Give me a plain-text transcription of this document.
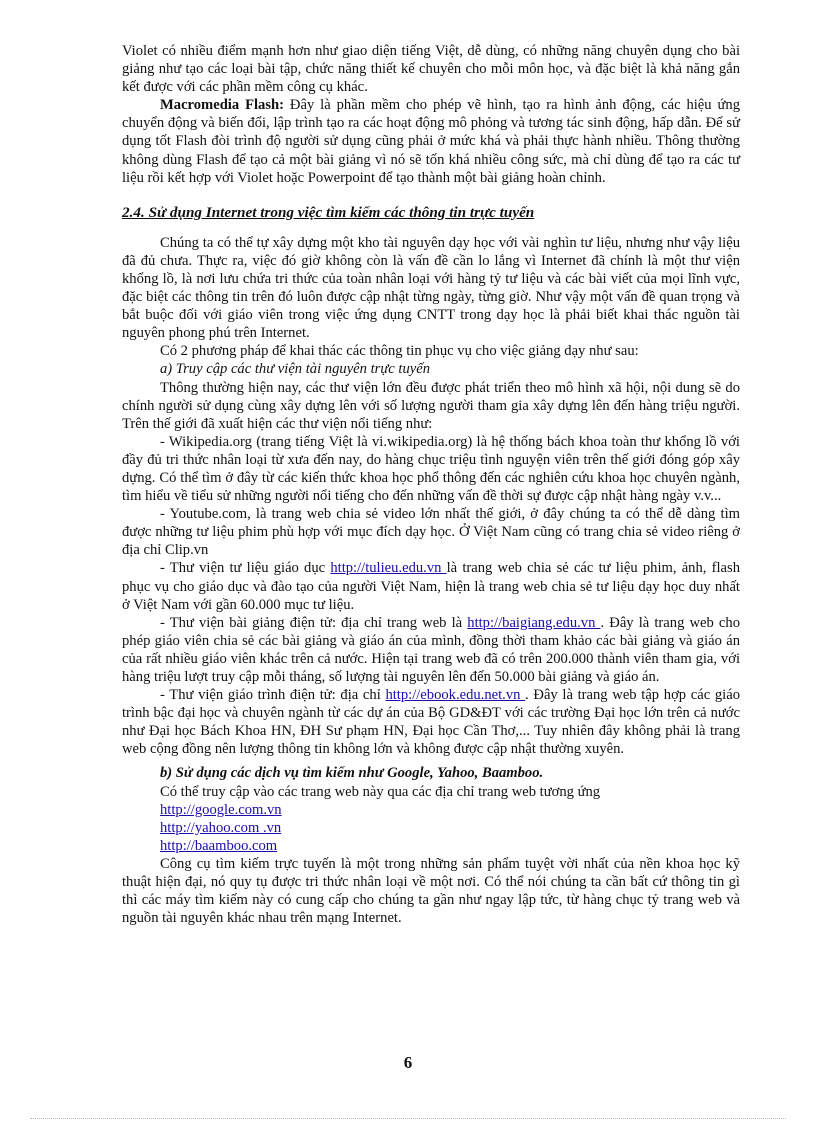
Violet có nhiều điểm mạnh hơn như giao diện tiếng Việt, dễ dùng, có những năng chuyên dụng cho bài giảng như tạo các loại bài tập, chức năng thiết kế chuyên cho mỗi môn học, và đặc biệt là khả năng gắn kết được với các phần mềm công cụ khác.

Macromedia Flash: Đây là phần mềm cho phép vẽ hình, tạo ra hình ảnh động, các hiệu ứng chuyển động và biến đổi, lập trình tạo ra các hoạt động mô phỏng và tương tác sinh động, hấp dẫn. Để sử dụng tốt Flash đòi trình độ người sử dụng cũng phải ở mức khá và phải thực hành nhiều. Thông thường không dùng Flash để tạo cả một bài giảng vì nó sẽ tốn khá nhiều công sức, mà chỉ dùng để tạo ra các tư liệu rồi kết hợp với Violet hoặc Powerpoint để tạo thành một bài giảng hoàn chỉnh.

2.4. Sử dụng Internet trong việc tìm kiếm các thông tin trực tuyến

Chúng ta có thể tự xây dựng một kho tài nguyên dạy học với vài nghìn tư liệu, nhưng như vậy liệu đã đủ chưa. Thực ra, việc đó giờ không còn là vấn đề cần lo lắng vì Internet đã chính là một thư viện khổng lồ, là nơi lưu chứa tri thức của toàn nhân loại với hàng tỷ tư liệu và các bài viết của mọi lĩnh vực, đặc biệt các thông tin trên đó luôn được cập nhật từng ngày, từng giờ. Như vậy một vấn đề quan trọng và bắt buộc đối với giáo viên trong việc ứng dụng CNTT trong dạy học là phải biết khai thác nguồn tài nguyên phong phú trên Internet.

Có 2 phương pháp để khai thác các thông tin phục vụ cho việc giảng dạy như sau:

a) Truy cập các thư viện tài nguyên trực tuyến

Thông thường hiện nay, các thư viện lớn đều được phát triển theo mô hình xã hội, nội dung sẽ do chính người sử dụng cùng xây dựng lên với số lượng người tham gia xây dựng lên đến hàng triệu người. Trên thế giới đã xuất hiện các thư viện nổi tiếng như:

- Wikipedia.org (trang tiếng Việt là vi.wikipedia.org) là hệ thống bách khoa toàn thư khổng lồ với đầy đủ tri thức nhân loại từ xưa đến nay, do hàng chục triệu tình nguyện viên trên thế giới đóng góp xây dựng. Có thể tìm ở đây từ các kiến thức khoa học phổ thông đến các nghiên cứu khoa học chuyên ngành, tìm hiểu về tiểu sử những người nổi tiếng cho đến những vấn đề thời sự được cập nhật hàng ngày v.v...

- Youtube.com, là trang web chia sẻ video lớn nhất thế giới, ở đây chúng ta có thể dễ dàng tìm được những tư liệu phim phù hợp với mục đích dạy học. Ở Việt Nam cũng có trang chia sẻ video riêng ở địa chỉ Clip.vn

- Thư viện tư liệu giáo dục http://tulieu.edu.vn là trang web chia sẻ các tư liệu phim, ảnh, flash phục vụ cho giáo dục và đào tạo của người Việt Nam, hiện là trang web chia sẻ tư liệu dạy học duy nhất ở Việt Nam với gần 60.000 mục tư liệu.

- Thư viện bài giảng điện tử: địa chỉ trang web là http://baigiang.edu.vn . Đây là trang web cho phép giáo viên chia sẻ các bài giảng và giáo án của mình, đồng thời tham khảo các bài giảng và giáo án của rất nhiều giáo viên khác trên cả nước. Hiện tại trang web đã có trên 200.000 thành viên tham gia, với hàng triệu lượt truy cập mỗi tháng, số lượng tài nguyên lên đến 50.000 bài giảng và giáo án.

- Thư viện giáo trình điện tử: địa chỉ http://ebook.edu.net.vn . Đây là trang web tập hợp các giáo trình bậc đại học và chuyên ngành từ các dự án của Bộ GD&ĐT với các trường Đại học lớn trên cả nước như Đại học Bách Khoa HN, ĐH Sư phạm HN, Đại học Cần Thơ,... Tuy nhiên đây không phải là trang web cộng đồng nên lượng thông tin không lớn và không được cập nhật thường xuyên.

b) Sử dụng các dịch vụ tìm kiếm như Google, Yahoo, Baamboo.

Có thể truy cập vào các trang web này qua các địa chỉ trang web tương ứng

http://google.com.vn

http://yahoo.com .vn

http://baamboo.com

Công cụ tìm kiếm trực tuyến là một trong những sản phẩm tuyệt vời nhất của nền khoa học kỹ thuật hiện đại, nó quy tụ được tri thức nhân loại về một nơi. Có thể nói chúng ta cần bất cứ thông tin gì thì các máy tìm kiếm này có cung cấp cho chúng ta gần như ngay lập tức, từ hàng chục tỷ trang web và nguồn tài nguyên khác nhau trên mạng Internet.

6
